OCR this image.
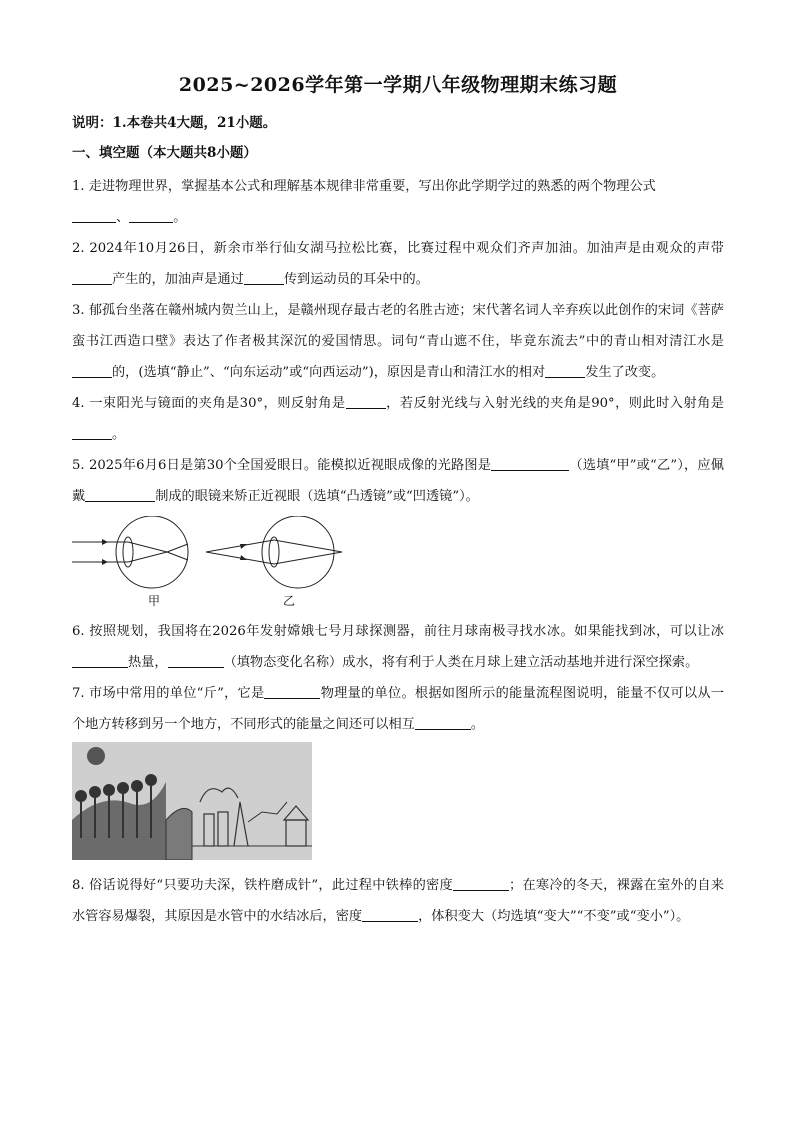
2025~2026学年第一学期八年级物理期末练习题
说明：1.本卷共4大题，21小题。
一、填空题（本大题共8小题）

1. 走进物理世界，掌握基本公式和理解基本规律非常重要，写出你此学期学过的熟悉的两个物理公式
、	。

2. 2024年10月26日，新余市举行仙女湖马拉松比赛，比赛过程中观众们齐声加油。加油声是由观众的声带产生的，加油声是通过	传到运动员的耳朵中的。

3. 郁孤台坐落在赣州城内贺兰山上，是赣州现存最古老的名胜古迹；宋代著名词人辛弃疾以此创作的宋词《菩萨蛮书江西造口壁》表达了作者极其深沉的爱国情思。词句“青山遮不住，毕竟东流去”中的青山相对清江水是的，(选填“静止”、“向东运动”或“向西运动”)，原因是青山和清江水的相对	发生了改变。

4. 一束阳光与镜面的夹角是30°，则反射角是	，若反射光线与入射光线的夹角是90°，则此时入射角是。

5. 2025年6月6日是第30个全国爱眼日。能模拟近视眼成像的光路图是	（选填“甲”或“乙”），应佩戴	制成的眼镜来矫正近视眼（选填“凸透镜”或“凹透镜”）。

甲	乙

6. 按照规划，我国将在2026年发射嫦娥七号月球探测器，前往月球南极寻找水冰。如果能找到冰，可以让冰热量，	（填物态变化名称）成水，将有利于人类在月球上建立活动基地并进行深空探索。

7. 市场中常用的单位“斤”，它是	物理量的单位。根据如图所示的能量流程图说明，能量不仅可以从一个地方转移到另一个地方，不同形式的能量之间还可以相互	。

8. 俗话说得好“只要功夫深，铁杵磨成针”，此过程中铁棒的密度	；在寒冷的冬天，裸露在室外的自来水管容易爆裂，其原因是水管中的水结冰后，密度	，体积变大（均选填“变大”“不变”或“变小”）。
